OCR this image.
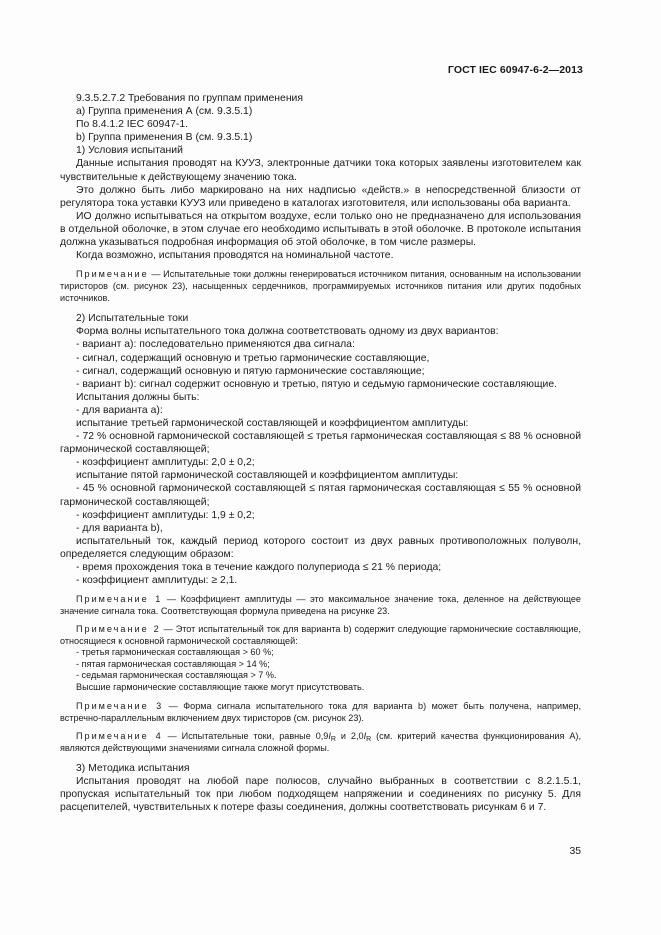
ГОСТ IEC 60947-6-2—2013

9.3.5.2.7.2 Требования по группам применения

a) Группа применения А (см. 9.3.5.1)

По 8.4.1.2 IEC 60947-1.

b) Группа применения В (см. 9.3.5.1)

1) Условия испытаний

Данные испытания проводят на КУУЗ, электронные датчики тока которых заявлены изготовителем как чувствительные к действующему значению тока.

Это должно быть либо маркировано на них надписью «действ.» в непосредственной близости от регулятора тока уставки КУУЗ или приведено в каталогах изготовителя, или использованы оба варианта.

ИО должно испытываться на открытом воздухе, если только оно не предназначено для использования в отдельной оболочке, в этом случае его необходимо испытывать в этой оболочке. В протоколе испытания должна указываться подробная информация об этой оболочке, в том числе размеры.

Когда возможно, испытания проводятся на номинальной частоте.

Примечание — Испытательные токи должны генерироваться источником питания, основанным на использовании тиристоров (см. рисунок 23), насыщенных сердечников, программируемых источников питания или других подобных источников.

2) Испытательные токи

Форма волны испытательного тока должна соответствовать одному из двух вариантов:

- вариант a): последовательно применяются два сигнала:

- сигнал, содержащий основную и третью гармонические составляющие,

- сигнал, содержащий основную и пятую гармонические составляющие;

- вариант b): сигнал содержит основную и третью, пятую и седьмую гармонические составляющие.

Испытания должны быть:

- для варианта a):

испытание третьей гармонической составляющей и коэффициентом амплитуды:

- 72 % основной гармонической составляющей ≤ третья гармоническая составляющая ≤ 88 % основной гармонической составляющей;

- коэффициент амплитуды: 2,0 ± 0,2;

испытание пятой гармонической составляющей и коэффициентом амплитуды:

- 45 % основной гармонической составляющей ≤ пятая гармоническая составляющая ≤ 55 % основной гармонической составляющей;

- коэффициент амплитуды: 1,9 ± 0,2;

- для варианта b),

испытательный ток, каждый период которого состоит из двух равных противоположных полуволн, определяется следующим образом:

- время прохождения тока в течение каждого полупериода ≤ 21 % периода;

- коэффициент амплитуды: ≥ 2,1.

Примечание 1 — Коэффициент амплитуды — это максимальное значение тока, деленное на действующее значение сигнала тока. Соответствующая формула приведена на рисунке 23.

Примечание 2 — Этот испытательный ток для варианта b) содержит следующие гармонические составляющие, относящиеся к основной гармонической составляющей:

- третья гармоническая составляющая > 60 %;

- пятая гармоническая составляющая > 14 %;

- седьмая гармоническая составляющая > 7 %.

Высшие гармонические составляющие также могут присутствовать.

Примечание 3 — Форма сигнала испытательного тока для варианта b) может быть получена, например, встречно-параллельным включением двух тиристоров (см. рисунок 23).

Примечание 4 — Испытательные токи, равные $0,9I_R$ и $2,0I_R$ (см. критерий качества функционирования А), являются действующими значениями сигнала сложной формы.

3) Методика испытания

Испытания проводят на любой паре полюсов, случайно выбранных в соответствии с 8.2.1.5.1, пропуская испытательный ток при любом подходящем напряжении и соединениях по рисунку 5. Для расцепителей, чувствительных к потере фазы соединения, должны соответствовать рисункам 6 и 7.

35
